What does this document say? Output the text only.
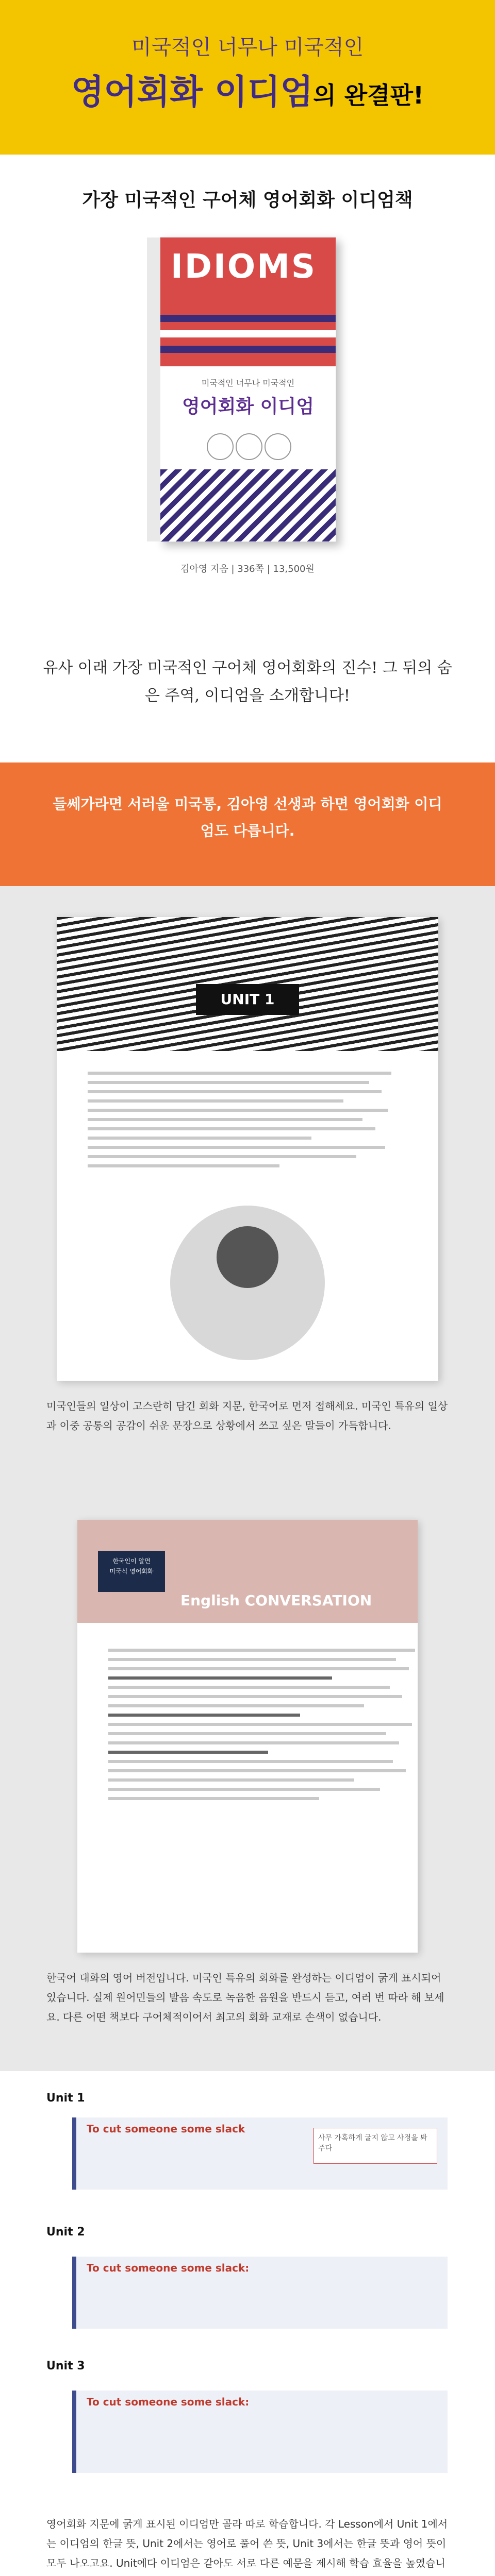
미국적인 너무나 미국적인
영어회화 이디엄의 완결판!
가장 미국적인 구어체 영어회화 이디엄책
IDIOMS
미국적인 너무나 미국적인
영어회화 이디엄
김아영 지음 | 336쪽 | 13,500원

유사 이래 가장 미국적인 구어체 영어회화의 진수! 그 뒤의 숨은 주역, 이디엄을 소개합니다!

들쎄가라면 서러울 미국통, 김아영 선생과 하면 영어회화 이디엄도 다릅니다.

UNIT 1

미국인들의 일상이 고스란히 담긴 회화 지문, 한국어로 먼저 접해세요. 미국인 특유의 일상과 이중 공통의 공감이 쉬운 문장으로 상황에서 쓰고 싶은 말들이 가득합니다.

한국인이 알면
미국식 영어회화
English CONVERSATION

한국어 대화의 영어 버전입니다. 미국인 특유의 회화를 완성하는 이디엄이 굵게 표시되어 있습니다. 실제 원어민들의 발음 속도로 녹음한 음원을 반드시 듣고, 여러 번 따라 해 보세요. 다른 어떤 책보다 구어체적이어서 최고의 회화 교재로 손색이 없습니다.

Unit 1

To cut someone some slack
사무 가혹하게 굴지 않고 사정을 봐 주다

Unit 2

To cut someone some slack:

Unit 3

To cut someone some slack:

영어회화 지문에 굵게 표시된 이디엄만 골라 따로 학습합니다. 각 Lesson에서 Unit 1에서는 이디엄의 한글 뜻, Unit 2에서는 영어로 풀어 쓴 뜻, Unit 3에서는 한글 뜻과 영어 뜻이 모두 나오고요. Unit에다 이디엄은 같아도 서로 다른 예문을 제시해 학습 효율을 높였습니
